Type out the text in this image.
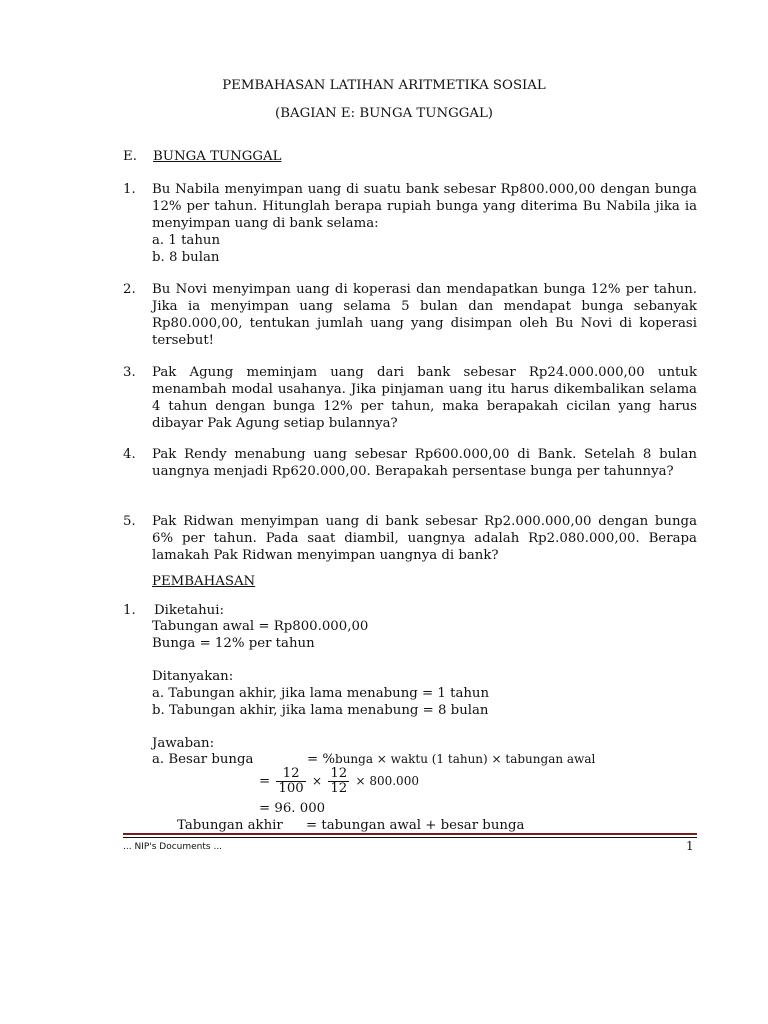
PEMBAHASAN LATIHAN ARITMETIKA SOSIAL
(BAGIAN E: BUNGA TUNGGAL)
E. BUNGA TUNGGAL
1. Bu Nabila menyimpan uang di suatu bank sebesar Rp800.000,00 dengan bunga 12% per tahun. Hitunglah berapa rupiah bunga yang diterima Bu Nabila jika ia menyimpan uang di bank selama:

a. 1 tahun

b. 8 bulan

2. Bu Novi menyimpan uang di koperasi dan mendapatkan bunga 12% per tahun. Jika ia menyimpan uang selama 5 bulan dan mendapat bunga sebanyak Rp80.000,00, tentukan jumlah uang yang disimpan oleh Bu Novi di koperasi tersebut!

3. Pak Agung meminjam uang dari bank sebesar Rp24.000.000,00 untuk menambah modal usahanya. Jika pinjaman uang itu harus dikembalikan selama 4 tahun dengan bunga 12% per tahun, maka berapakah cicilan yang harus dibayar Pak Agung setiap bulannya?

4. Pak Rendy menabung uang sebesar Rp600.000,00 di Bank. Setelah 8 bulan uangnya menjadi Rp620.000,00. Berapakah persentase bunga per tahunnya?

5. Pak Ridwan menyimpan uang di bank sebesar Rp2.000.000,00 dengan bunga 6% per tahun. Pada saat diambil, uangnya adalah Rp2.080.000,00. Berapa lamakah Pak Ridwan menyimpan uangnya di bank?

PEMBAHASAN
1. Diketahui:
Tabungan awal = Rp800.000,00
Bunga = 12% per tahun
Ditanyakan:
a. Tabungan akhir, jika lama menabung = 1 tahun
b. Tabungan akhir, jika lama menabung = 8 bulan
Jawaban:
a. Besar bunga	= %bunga × waktu (1 tahun) × tabungan awal
= $\frac{12}{100} \times \frac{12}{12} \times 800.000$
= 96. 000
Tabungan akhir = tabungan awal + besar bunga
... NIP's Documents ...	1
